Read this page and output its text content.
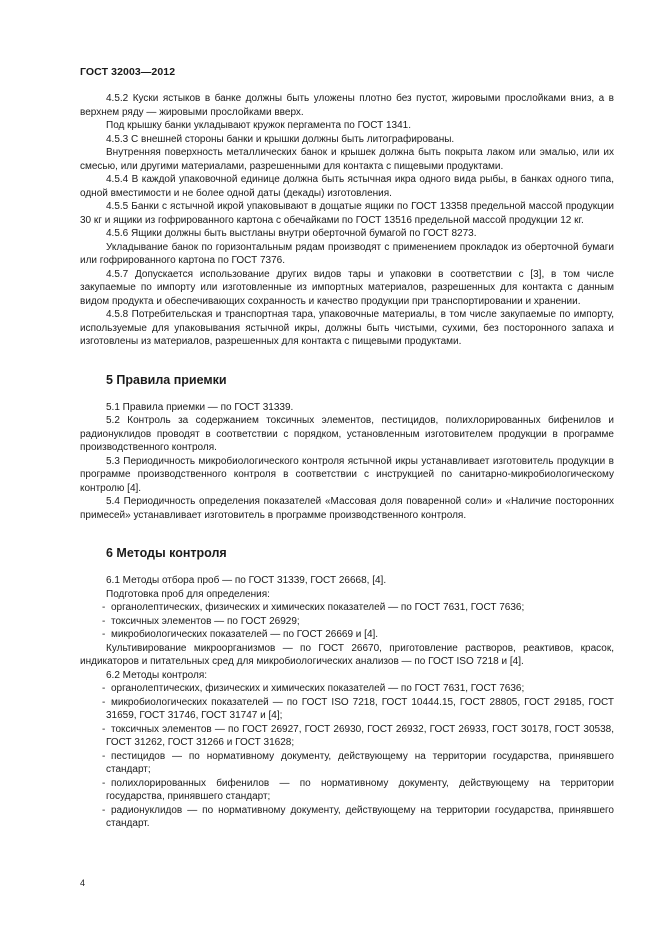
ГОСТ 32003—2012

4.5.2 Куски ястыков в банке должны быть уложены плотно без пустот, жировыми прослойками вниз, а в верхнем ряду — жировыми прослойками вверх.

Под крышку банки укладывают кружок пергамента по ГОСТ 1341.

4.5.3 С внешней стороны банки и крышки должны быть литографированы.

Внутренняя поверхность металлических банок и крышек должна быть покрыта лаком или эмалью, или их смесью, или другими материалами, разрешенными для контакта с пищевыми продуктами.

4.5.4 В каждой упаковочной единице должна быть ястычная икра одного вида рыбы, в банках одного типа, одной вместимости и не более одной даты (декады) изготовления.

4.5.5 Банки с ястычной икрой упаковывают в дощатые ящики по ГОСТ 13358 предельной массой продукции 30 кг и ящики из гофрированного картона с обечайками по ГОСТ 13516 предельной массой продукции 12 кг.

4.5.6 Ящики должны быть выстланы внутри оберточной бумагой по ГОСТ 8273.

Укладывание банок по горизонтальным рядам производят с применением прокладок из оберточной бумаги или гофрированного картона по ГОСТ 7376.

4.5.7 Допускается использование других видов тары и упаковки в соответствии с [3], в том числе закупаемые по импорту или изготовленные из импортных материалов, разрешенных для контакта с данным видом продукта и обеспечивающих сохранность и качество продукции при транспортировании и хранении.

4.5.8 Потребительская и транспортная тара, упаковочные материалы, в том числе закупаемые по импорту, используемые для упаковывания ястычной икры, должны быть чистыми, сухими, без посторонного запаха и изготовлены из материалов, разрешенных для контакта с пищевыми продуктами.

5 Правила приемки

5.1 Правила приемки — по ГОСТ 31339.

5.2 Контроль за содержанием токсичных элементов, пестицидов, полихлорированных бифенилов и радионуклидов проводят в соответствии с порядком, установленным изготовителем продукции в программе производственного контроля.

5.3 Периодичность микробиологического контроля ястычной икры устанавливает изготовитель продукции в программе производственного контроля в соответствии с инструкцией по санитарно-микробиологическому контролю [4].

5.4 Периодичность определения показателей «Массовая доля поваренной соли» и «Наличие посторонних примесей» устанавливает изготовитель в программе производственного контроля.

6 Методы контроля

6.1 Методы отбора проб — по ГОСТ 31339, ГОСТ 26668, [4].

Подготовка проб для определения:

- органолептических, физических и химических показателей — по ГОСТ 7631, ГОСТ 7636;

- токсичных элементов — по ГОСТ 26929;

- микробиологических показателей — по ГОСТ 26669 и [4].

Культивирование микроорганизмов — по ГОСТ 26670, приготовление растворов, реактивов, красок, индикаторов и питательных сред для микробиологических анализов — по ГОСТ ISO 7218 и [4].

6.2 Методы контроля:

- органолептических, физических и химических показателей — по ГОСТ 7631, ГОСТ 7636;

- микробиологических показателей — по ГОСТ ISO 7218, ГОСТ 10444.15, ГОСТ 28805, ГОСТ 29185, ГОСТ 31659, ГОСТ 31746, ГОСТ 31747 и [4];

- токсичных элементов — по ГОСТ 26927, ГОСТ 26930, ГОСТ 26932, ГОСТ 26933, ГОСТ 30178, ГОСТ 30538, ГОСТ 31262, ГОСТ 31266 и ГОСТ 31628;

- пестицидов — по нормативному документу, действующему на территории государства, принявшего стандарт;

- полихлорированных бифенилов — по нормативному документу, действующему на территории государства, принявшего стандарт;

- радионуклидов — по нормативному документу, действующему на территории государства, принявшего стандарт.

4
